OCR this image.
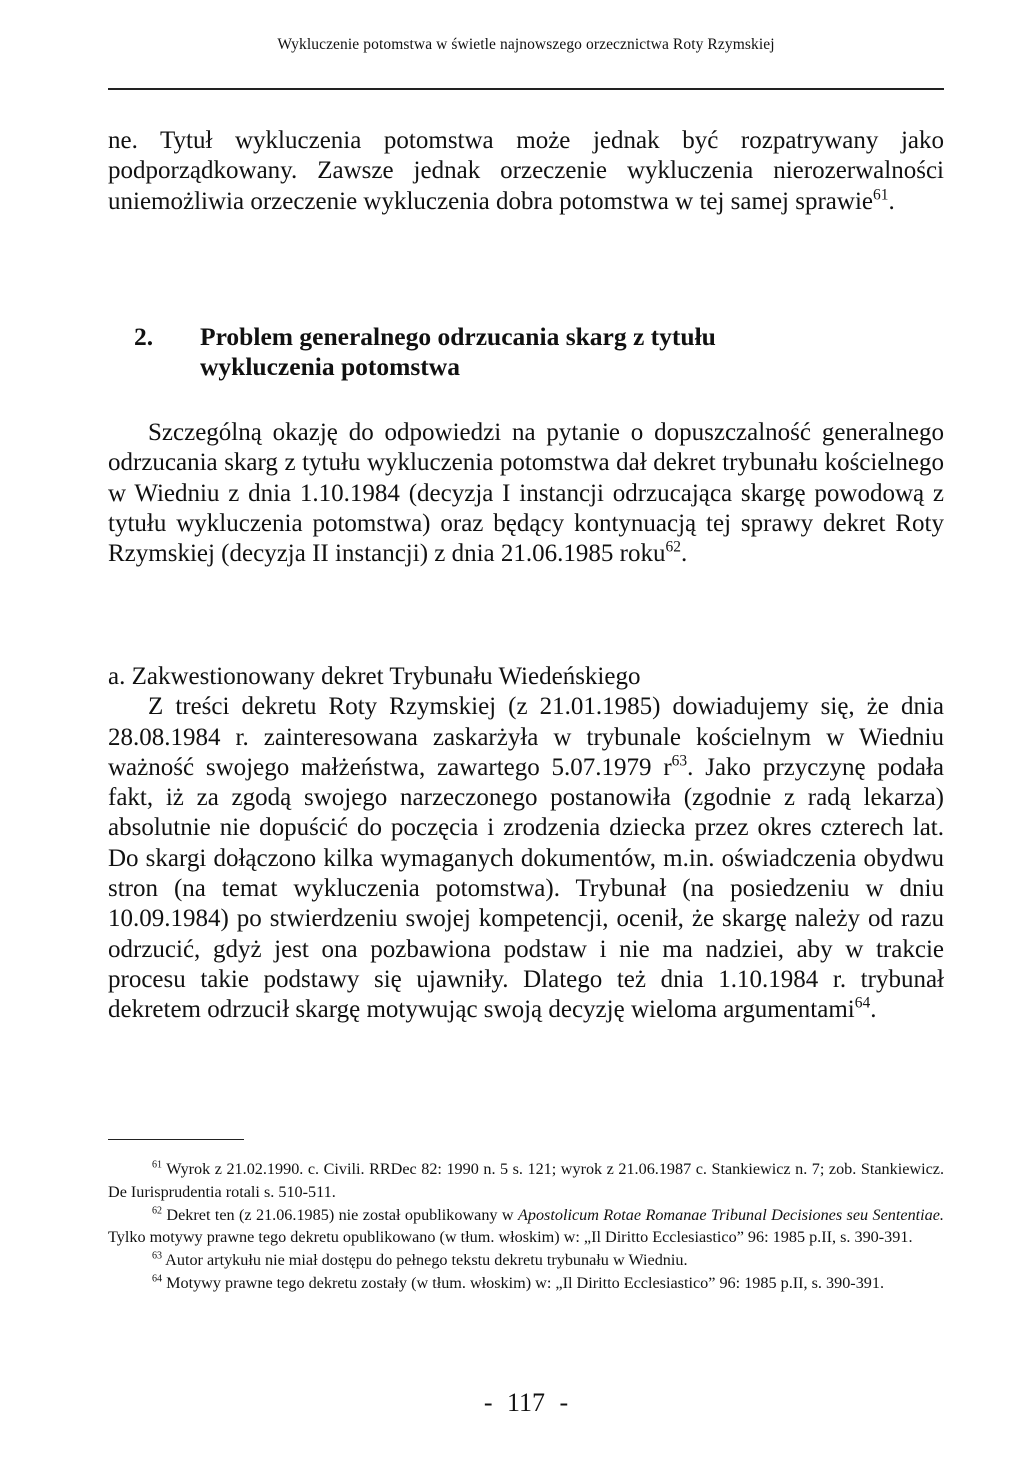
Wykluczenie potomstwa w świetle najnowszego orzecznictwa Roty Rzymskiej

ne. Tytuł wykluczenia potomstwa może jednak być rozpatrywany jako podporządkowany. Zawsze jednak orzeczenie wykluczenia nierozerwalności uniemożliwia orzeczenie wykluczenia dobra potomstwa w tej samej sprawie$^{61}$.

2. Problem generalnego odrzucania skarg z tytułu wykluczenia potomstwa

Szczególną okazję do odpowiedzi na pytanie o dopuszczalność generalnego odrzucania skarg z tytułu wykluczenia potomstwa dał dekret trybunału kościelnego w Wiedniu z dnia 1.10.1984 (decyzja I instancji odrzucająca skargę powodową z tytułu wykluczenia potomstwa) oraz będący kontynuacją tej sprawy dekret Roty Rzymskiej (decyzja II instancji) z dnia 21.06.1985 roku$^{62}$.

a. Zakwestionowany dekret Trybunału Wiedeńskiego

Z treści dekretu Roty Rzymskiej (z 21.01.1985) dowiadujemy się, że dnia 28.08.1984 r. zainteresowana zaskarżyła w trybunale kościelnym w Wiedniu ważność swojego małżeństwa, zawartego 5.07.1979 $r^{63}$. Jako przyczynę podała fakt, iż za zgodą swojego narzeczonego postanowiła (zgodnie z radą lekarza) absolutnie nie dopuścić do poczęcia i zrodzenia dziecka przez okres czterech lat. Do skargi dołączono kilka wymaganych dokumentów, m.in. oświadczenia obydwu stron (na temat wykluczenia potomstwa). Trybunał (na posiedzeniu w dniu 10.09.1984) po stwierdzeniu swojej kompetencji, ocenił, że skargę należy od razu odrzucić, gdyż jest ona pozbawiona podstaw i nie ma nadziei, aby w trakcie procesu takie podstawy się ujawniły. Dlatego też dnia 1.10.1984 r. trybunał dekretem odrzucił skargę motywując swoją decyzję wieloma argumentami$^{64}$.

$^{61}$ Wyrok z 21.02.1990. c. Civili. RRDec 82: 1990 n. 5 s. 121; wyrok z 21.06.1987 c. Stankiewicz n. 7; zob. Stankiewicz. De Iurisprudentia rotali s. 510-511.

$^{62}$ Dekret ten (z 21.06.1985) nie został opublikowany w Apostolicum Rotae Romanae Tribunal Decisiones seu Sententiae. Tylko motywy prawne tego dekretu opublikowano (w tłum. włoskim) w: „Il Diritto Ecclesiastico” 96: 1985 p.II, s. 390-391.

$^{63}$ Autor artykułu nie miał dostępu do pełnego tekstu dekretu trybunału w Wiedniu.

$^{64}$ Motywy prawne tego dekretu zostały (w tłum. włoskim) w: „Il Diritto Ecclesiastico” 96: 1985 p.II, s. 390-391.

- 117 -
